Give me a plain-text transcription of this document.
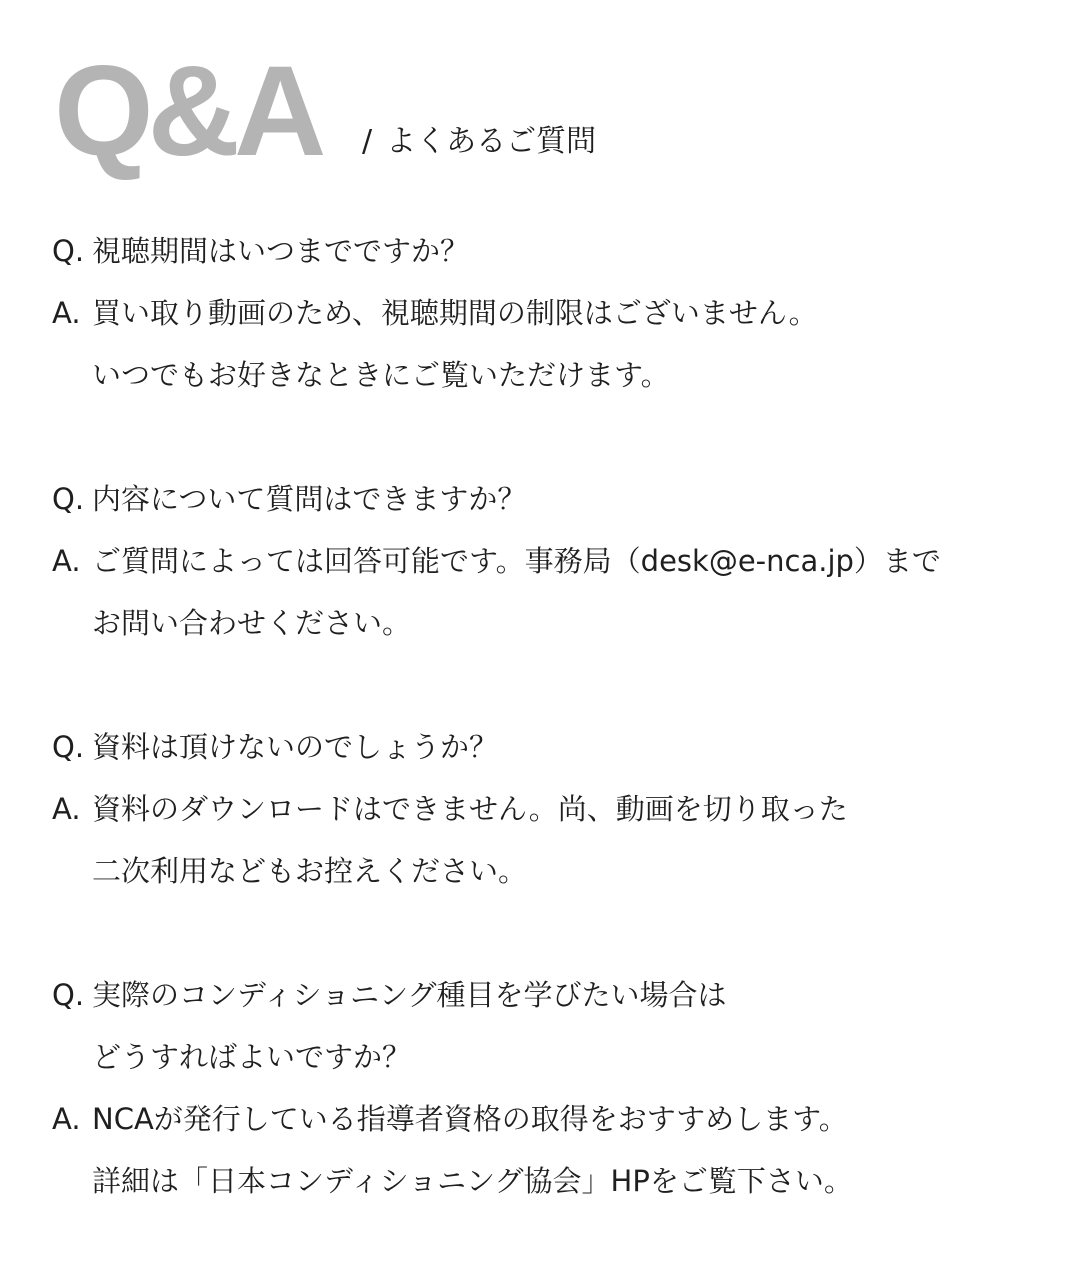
Q&A / よくあるご質問
Q. 視聴期間はいつまでですか？
A. 買い取り動画のため、視聴期間の制限はございません。
いつでもお好きなときにご覧いただけます。
Q. 内容について質問はできますか？
A. ご質問によっては回答可能です。事務局（desk@e-nca.jp）まで
お問い合わせください。
Q. 資料は頂けないのでしょうか？
A. 資料のダウンロードはできません。尚、動画を切り取った
二次利用などもお控えください。
Q. 実際のコンディショニング種目を学びたい場合は
どうすればよいですか？
A. NCAが発行している指導者資格の取得をおすすめします。
詳細は「日本コンディショニング協会」HPをご覧下さい。
